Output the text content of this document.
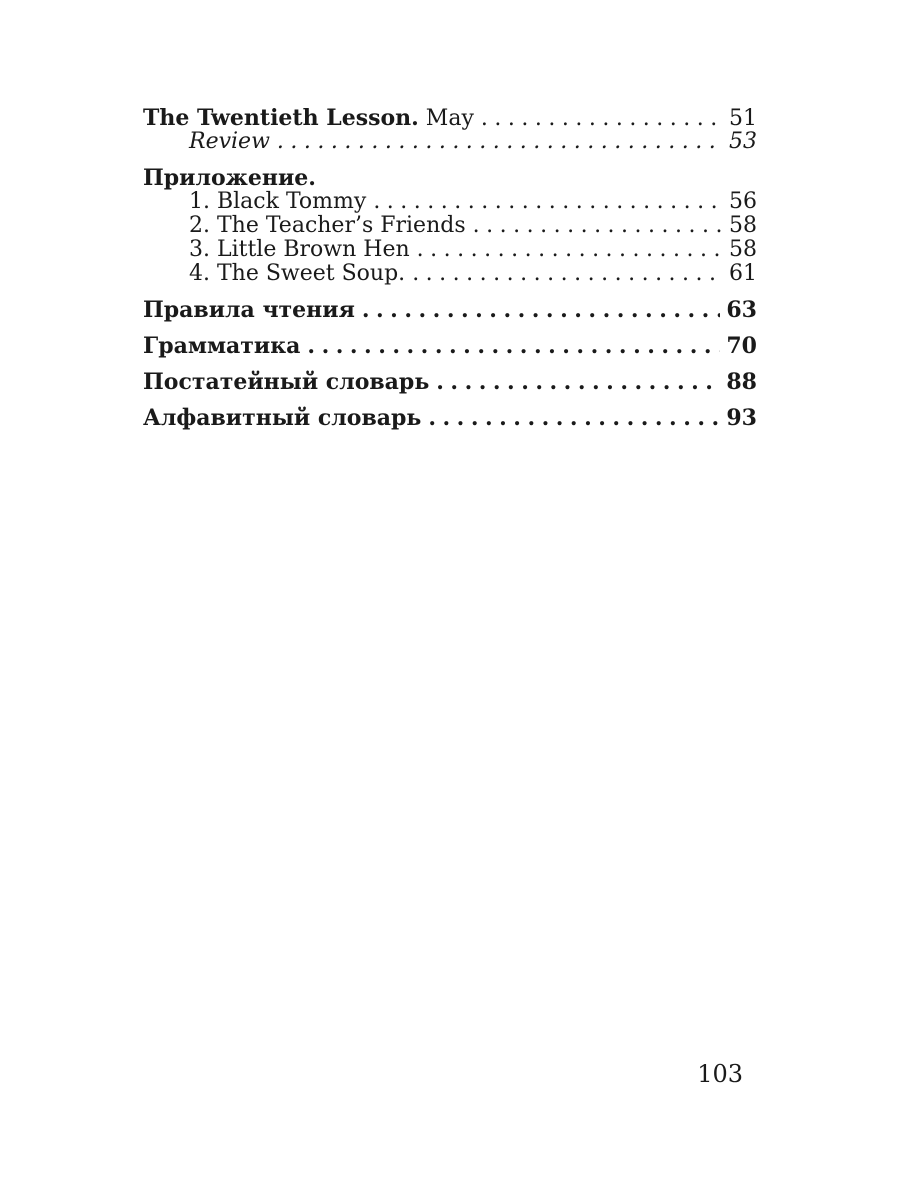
The Twentieth Lesson. May .....	51
Review .....	53
Приложение.
1. Black Tommy .....	56
2. The Teacher’s Friends .....	58
3. Little Brown Hen .....	58
4. The Sweet Soup. .....	61
Правила чтения .....	63
Грамматика .....	70
Постатейный словарь .....	88
Алфавитный словарь .....	93
103
